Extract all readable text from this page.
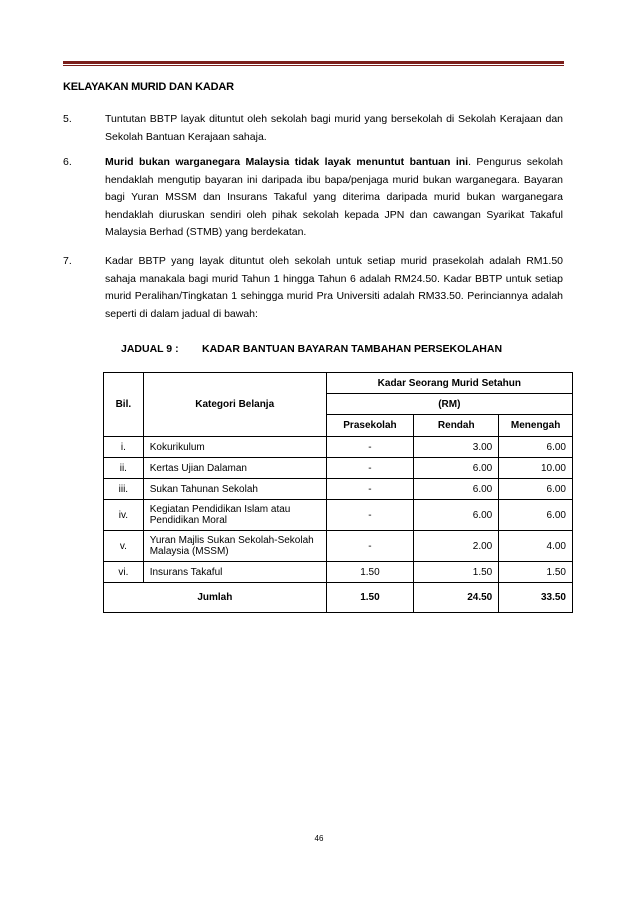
KELAYAKAN MURID DAN KADAR
5.	Tuntutan BBTP layak dituntut oleh sekolah bagi murid yang bersekolah di Sekolah Kerajaan dan Sekolah Bantuan Kerajaan sahaja.
6.	Murid bukan warganegara Malaysia tidak layak menuntut bantuan ini. Pengurus sekolah hendaklah mengutip bayaran ini daripada ibu bapa/penjaga murid bukan warganegara. Bayaran bagi Yuran MSSM dan Insurans Takaful yang diterima daripada murid bukan warganegara hendaklah diuruskan sendiri oleh pihak sekolah kepada JPN dan cawangan Syarikat Takaful Malaysia Berhad (STMB) yang berdekatan.
7.	Kadar BBTP yang layak dituntut oleh sekolah untuk setiap murid prasekolah adalah RM1.50 sahaja manakala bagi murid Tahun 1 hingga Tahun 6 adalah RM24.50. Kadar BBTP untuk setiap murid Peralihan/Tingkatan 1 sehingga murid Pra Universiti adalah RM33.50. Perinciannya adalah seperti di dalam jadual di bawah:
JADUAL 9 : KADAR BANTUAN BAYARAN TAMBAHAN PERSEKOLAHAN
Bil.	Kategori Belanja	Kadar Seorang Murid Setahun		
		(RM)		
		Prasekolah	Rendah	Menengah
i.	Kokurikulum	-	3.00	6.00
ii.	Kertas Ujian Dalaman	-	6.00	10.00
iii.	Sukan Tahunan Sekolah	-	6.00	6.00
iv.	Kegiatan Pendidikan Islam atau Pendidikan Moral	-	6.00	6.00
v.	Yuran Majlis Sukan Sekolah-Sekolah Malaysia (MSSM)	-	2.00	4.00
vi.	Insurans Takaful	1.50	1.50	1.50
Jumlah		1.50	24.50	33.50
46
